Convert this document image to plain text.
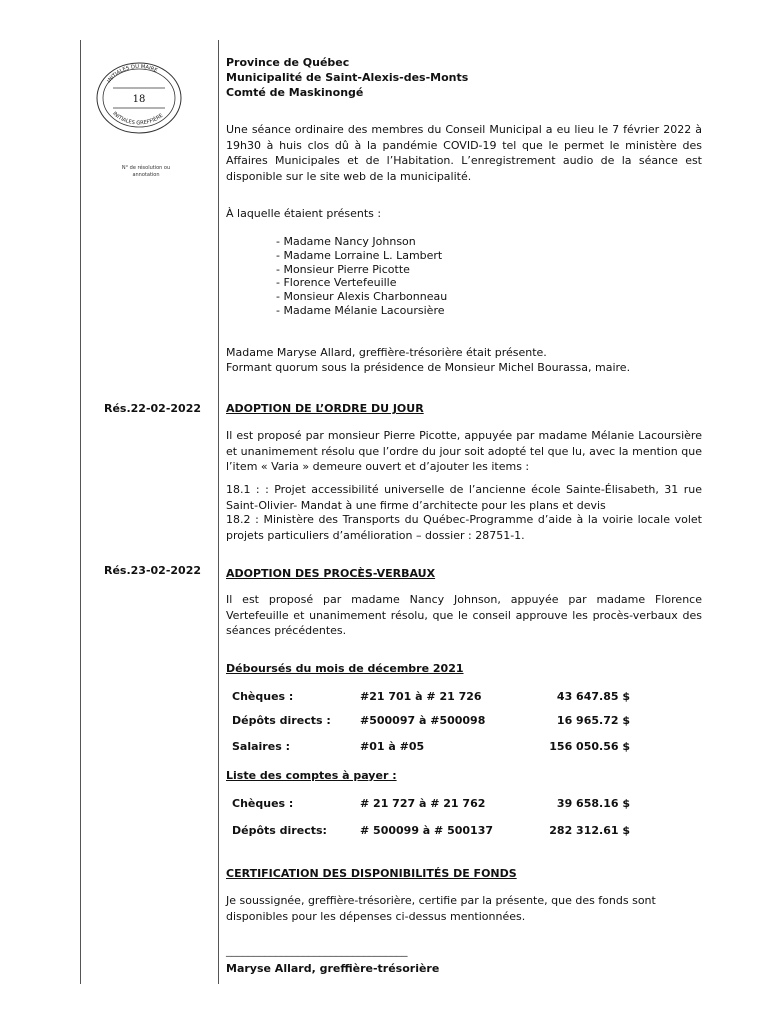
INITIALES DU MAIRE
INITIALES GREFFIÈRE
18
N° de résolution ou annotation
Province de Québec
Municipalité de Saint-Alexis-des-Monts
Comté de Maskinongé
Une séance ordinaire des membres du Conseil Municipal a eu lieu le 7 février 2022 à 19h30 à huis clos dû à la pandémie COVID-19 tel que le permet le ministère des Affaires Municipales et de l’Habitation. L’enregistrement audio de la séance est disponible sur le site web de la municipalité.
À laquelle étaient présents :
- Madame Nancy Johnson
- Madame Lorraine L. Lambert
- Monsieur Pierre Picotte
- Florence Vertefeuille
- Monsieur Alexis Charbonneau
- Madame Mélanie Lacoursière
Madame Maryse Allard, greffière-trésorière était présente.
Formant quorum sous la présidence de Monsieur Michel Bourassa, maire.
Rés.22-02-2022 ADOPTION DE L’ORDRE DU JOUR
Il est proposé par monsieur Pierre Picotte, appuyée par madame Mélanie Lacoursière et unanimement résolu que l’ordre du jour soit adopté tel que lu, avec la mention que l’item « Varia » demeure ouvert et d’ajouter les items :
18.1 : : Projet accessibilité universelle de l’ancienne école Sainte-Élisabeth, 31 rue Saint-Olivier- Mandat à une firme d’architecte pour les plans et devis
18.2 : Ministère des Transports du Québec-Programme d’aide à la voirie locale volet projets particuliers d’amélioration – dossier : 28751-1.
Rés.23-02-2022 ADOPTION DES PROCÈS-VERBAUX
Il est proposé par madame Nancy Johnson, appuyée par madame Florence Vertefeuille et unanimement résolu, que le conseil approuve les procès-verbaux des séances précédentes.
Déboursés du mois de décembre 2021
Chèques :	#21 701 à # 21 726	43 647.85 $
Dépôts directs :	#500097 à #500098	16 965.72 $
Salaires :	#01 à #05	156 050.56 $
Liste des comptes à payer :
Chèques :	# 21 727 à # 21 762	39 658.16 $
Dépôts directs:	# 500099 à # 500137	282 312.61 $
CERTIFICATION DES DISPONIBILITÉS DE FONDS
Je soussignée, greffière-trésorière, certifie par la présente, que des fonds sont disponibles pour les dépenses ci-dessus mentionnées.
_________________________________
Maryse Allard, greffière-trésorière
